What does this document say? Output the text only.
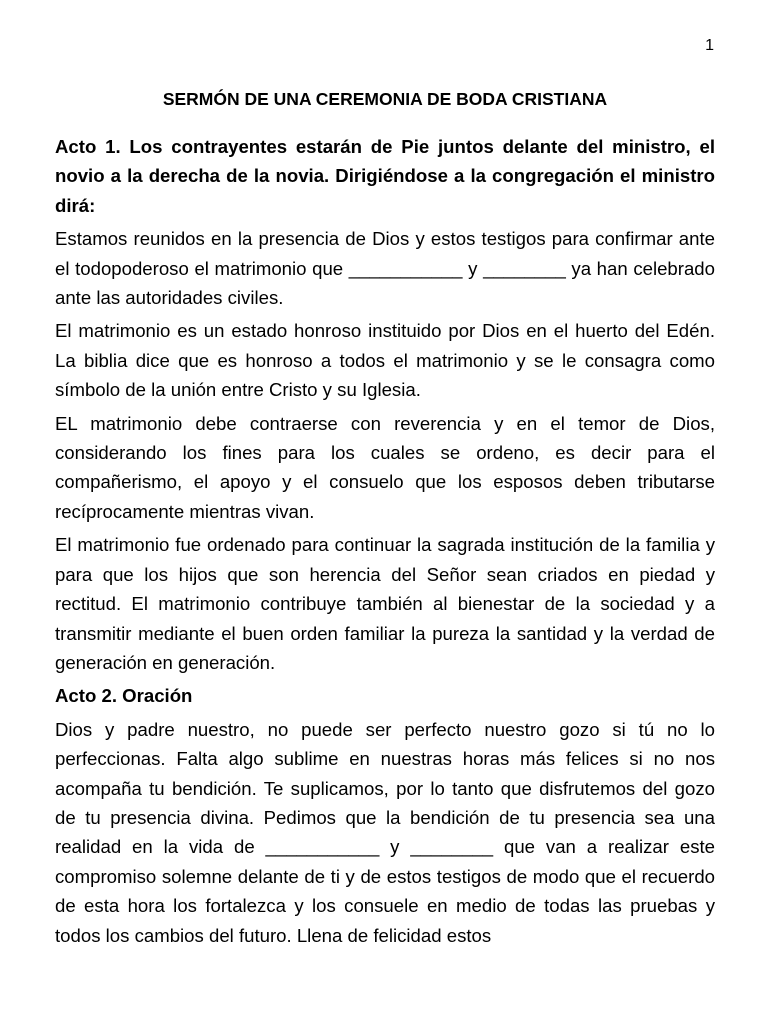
1
SERMÓN DE UNA CEREMONIA DE BODA CRISTIANA

Acto 1. Los contrayentes estarán de Pie juntos delante del ministro, el novio a la derecha de la novia. Dirigiéndose a la congregación el ministro dirá:

Estamos reunidos en la presencia de Dios y estos testigos para confirmar ante el todopoderoso el matrimonio que ___________ y ________ ya han celebrado ante las autoridades civiles.

El matrimonio es un estado honroso instituido por Dios en el huerto del Edén. La biblia dice que es honroso a todos el matrimonio y se le consagra como símbolo de la unión entre Cristo y su Iglesia.

EL matrimonio debe contraerse con reverencia y en el temor de Dios, considerando los fines para los cuales se ordeno, es decir para el compañerismo, el apoyo y el consuelo que los esposos deben tributarse recíprocamente mientras vivan.

El matrimonio fue ordenado para continuar la sagrada institución de la familia y para que los hijos que son herencia del Señor sean criados en piedad y rectitud. El matrimonio contribuye también al bienestar de la sociedad y a transmitir mediante el buen orden familiar la pureza la santidad y la verdad de generación en generación.

Acto 2. Oración

Dios y padre nuestro, no puede ser perfecto nuestro gozo si tú no lo perfeccionas. Falta algo sublime en nuestras horas más felices si no nos acompaña tu bendición. Te suplicamos, por lo tanto que disfrutemos del gozo de tu presencia divina. Pedimos que la bendición de tu presencia sea una realidad en la vida de ___________ y ________ que van a realizar este compromiso solemne delante de ti y de estos testigos de modo que el recuerdo de esta hora los fortalezca y los consuele en medio de todas las pruebas y todos los cambios del futuro. Llena de felicidad estos
